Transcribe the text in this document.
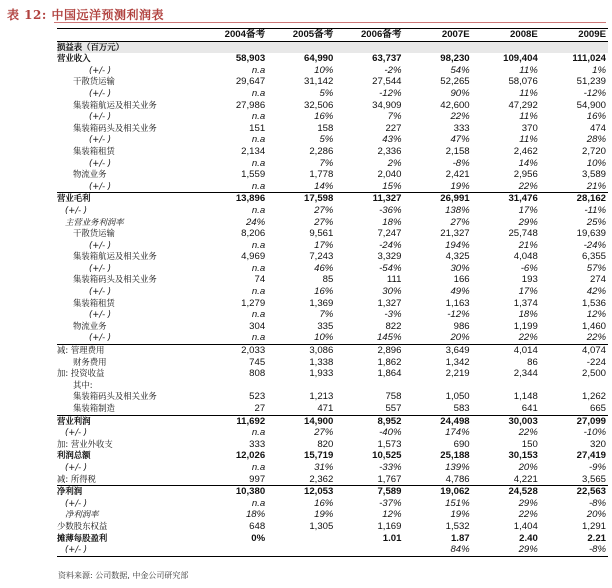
表 12: 中国远洋预测利润表
	2004备考	2005备考	2006备考	2007E	2008E	2009E
损益表（百万元）						
营业收入	58,903	64,990	63,737	98,230	109,404	111,024
(+/- )	n.a	10%	-2%	54%	11%	1%
干散货运输	29,647	31,142	27,544	52,265	58,076	51,239
(+/- )	n.a	5%	-12%	90%	11%	-12%
集装箱航运及相关业务	27,986	32,506	34,909	42,600	47,292	54,900
(+/- )	n.a	16%	7%	22%	11%	16%
集装箱码头及相关业务	151	158	227	333	370	474
(+/- )	n.a	5%	43%	47%	11%	28%
集装箱租赁	2,134	2,286	2,336	2,158	2,462	2,720
(+/- )	n.a	7%	2%	-8%	14%	10%
物流业务	1,559	1,778	2,040	2,421	2,956	3,589
(+/- )	n.a	14%	15%	19%	22%	21%
营业毛利	13,896	17,598	11,327	26,991	31,476	28,162
(+/- )	n.a	27%	-36%	138%	17%	-11%
主营业务利润率	24%	27%	18%	27%	29%	25%
干散货运输	8,206	9,561	7,247	21,327	25,748	19,639
(+/- )	n.a	17%	-24%	194%	21%	-24%
集装箱航运及相关业务	4,969	7,243	3,329	4,325	4,048	6,355
(+/- )	n.a	46%	-54%	30%	-6%	57%
集装箱码头及相关业务	74	85	111	166	193	274
(+/- )	n.a	16%	30%	49%	17%	42%
集装箱租赁	1,279	1,369	1,327	1,163	1,374	1,536
(+/- )	n.a	7%	-3%	-12%	18%	12%
物流业务	304	335	822	986	1,199	1,460
(+/- )	n.a	10%	145%	20%	22%	22%
减: 管理费用	2,033	3,086	2,896	3,649	4,014	4,074
财务费用	745	1,338	1,862	1,342	86	-224
加: 投资收益	808	1,933	1,864	2,219	2,344	2,500
其中:						
集装箱码头及相关业务	523	1,213	758	1,050	1,148	1,262
集装箱制造	27	471	557	583	641	665
营业利润	11,692	14,900	8,952	24,498	30,003	27,099
(+/- )	n.a	27%	-40%	174%	22%	-10%
加: 营业外收支	333	820	1,573	690	150	320
利润总额	12,026	15,719	10,525	25,188	30,153	27,419
(+/- )	n.a	31%	-33%	139%	20%	-9%
减: 所得税	997	2,362	1,767	4,786	4,221	3,565
净利润	10,380	12,053	7,589	19,062	24,528	22,563
(+/- )	n.a	16%	-37%	151%	29%	-8%
净利润率	18%	19%	12%	19%	22%	20%
少数股东权益	648	1,305	1,169	1,532	1,404	1,291
摊薄每股盈利	0%		1.01	1.87	2.40	2.21
(+/- )				84%	29%	-8%
资料来源: 公司数据, 中金公司研究部
